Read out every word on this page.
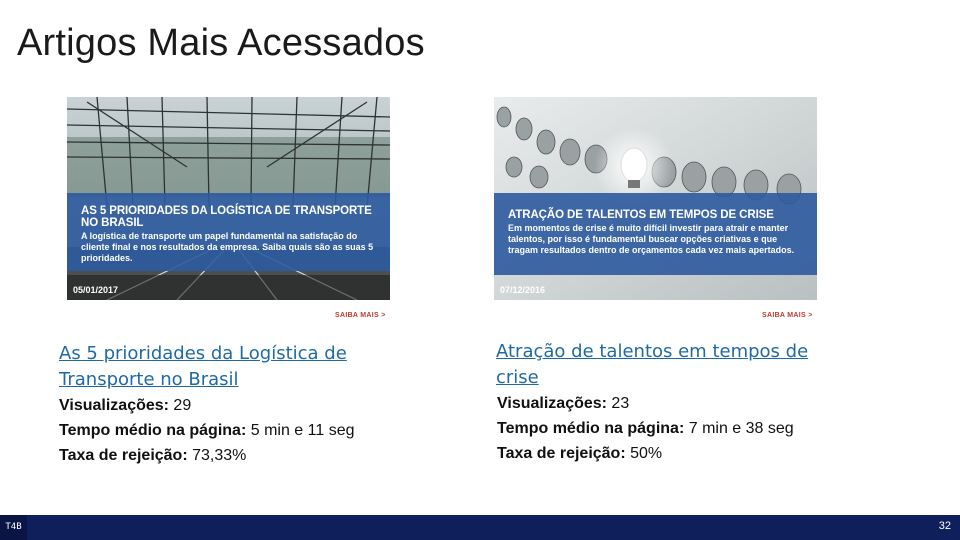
Artigos Mais Acessados
AS 5 PRIORIDADES DA LOGÍSTICA DE TRANSPORTE NO BRASIL
A logística de transporte um papel fundamental na satisfação do cliente final e nos resultados da empresa. Saiba quais são as suas 5 prioridades.
05/01/2017
SAIBA MAIS >
ATRAÇÃO DE TALENTOS EM TEMPOS DE CRISE
Em momentos de crise é muito difícil investir para atrair e manter talentos, por isso é fundamental buscar opções criativas e que tragam resultados dentro de orçamentos cada vez mais apertados.
07/12/2016
SAIBA MAIS >
As 5 prioridades da Logística de Transporte no Brasil
Visualizações: 29
Tempo médio na página: 5 min e 11 seg
Taxa de rejeição: 73,33%
Atração de talentos em tempos de crise
Visualizações: 23
Tempo médio na página: 7 min e 38 seg
Taxa de rejeição: 50%
T4B	32
